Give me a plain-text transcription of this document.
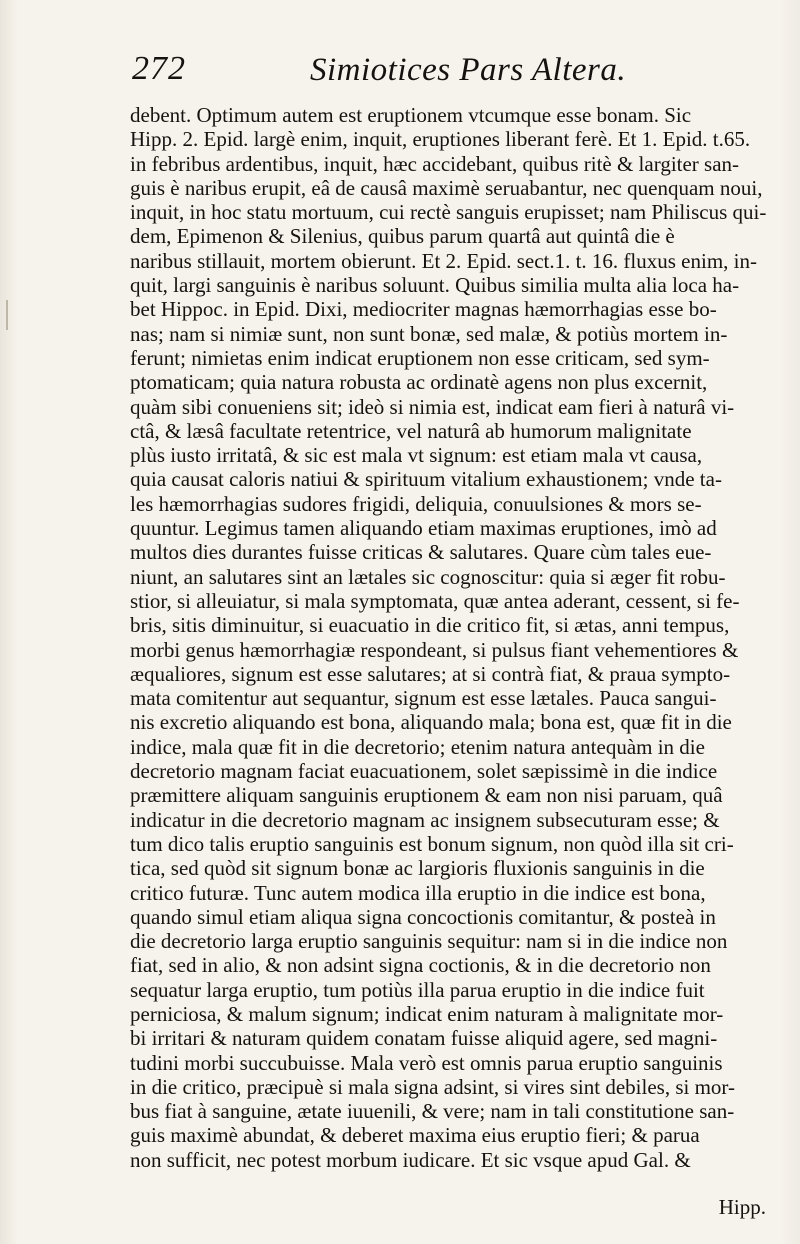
272	Simiotices Pars Altera.
debent. Optimum autem est eruptionem vtcumque esse bonam. Sic
Hipp. 2. Epid. largè enim, inquit, eruptiones liberant ferè. Et 1. Epid. t.65.
in febribus ardentibus, inquit, hæc accidebant, quibus ritè & largiter san-
guis è naribus erupit, eâ de causâ maximè seruabantur, nec quenquam noui,
inquit, in hoc statu mortuum, cui rectè sanguis erupisset; nam Philiscus qui-
dem, Epimenon & Silenius, quibus parum quartâ aut quintâ die è
naribus stillauit, mortem obierunt. Et 2. Epid. sect.1. t. 16. fluxus enim, in-
quit, largi sanguinis è naribus soluunt. Quibus similia multa alia loca ha-
bet Hippoc. in Epid. Dixi, mediocriter magnas hæmorrhagias esse bo-
nas; nam si nimiæ sunt, non sunt bonæ, sed malæ, & potiùs mortem in-
ferunt; nimietas enim indicat eruptionem non esse criticam, sed sym-
ptomaticam; quia natura robusta ac ordinatè agens non plus excernit,
quàm sibi conueniens sit; ideò si nimia est, indicat eam fieri à naturâ vi-
ctâ, & læsâ facultate retentrice, vel naturâ ab humorum malignitate
plùs iusto irritatâ, & sic est mala vt signum: est etiam mala vt causa,
quia causat caloris natiui & spirituum vitalium exhaustionem; vnde ta-
les hæmorrhagias sudores frigidi, deliquia, conuulsiones & mors se-
quuntur. Legimus tamen aliquando etiam maximas eruptiones, imò ad
multos dies durantes fuisse criticas & salutares. Quare cùm tales eue-
niunt, an salutares sint an lætales sic cognoscitur: quia si æger fit robu-
stior, si alleuiatur, si mala symptomata, quæ antea aderant, cessent, si fe-
bris, sitis diminuitur, si euacuatio in die critico fit, si ætas, anni tempus,
morbi genus hæmorrhagiæ respondeant, si pulsus fiant vehementiores &
æqualiores, signum est esse salutares; at si contrà fiat, & praua sympto-
mata comitentur aut sequantur, signum est esse lætales. Pauca sangui-
nis excretio aliquando est bona, aliquando mala; bona est, quæ fit in die
indice, mala quæ fit in die decretorio; etenim natura antequàm in die
decretorio magnam faciat euacuationem, solet sæpissimè in die indice
præmittere aliquam sanguinis eruptionem & eam non nisi paruam, quâ
indicatur in die decretorio magnam ac insignem subsecuturam esse; &
tum dico talis eruptio sanguinis est bonum signum, non quòd illa sit cri-
tica, sed quòd sit signum bonæ ac largioris fluxionis sanguinis in die
critico futuræ. Tunc autem modica illa eruptio in die indice est bona,
quando simul etiam aliqua signa concoctionis comitantur, & posteà in
die decretorio larga eruptio sanguinis sequitur: nam si in die indice non
fiat, sed in alio, & non adsint signa coctionis, & in die decretorio non
sequatur larga eruptio, tum potiùs illa parua eruptio in die indice fuit
perniciosa, & malum signum; indicat enim naturam à malignitate mor-
bi irritari & naturam quidem conatam fuisse aliquid agere, sed magni-
tudini morbi succubuisse. Mala verò est omnis parua eruptio sanguinis
in die critico, præcipuè si mala signa adsint, si vires sint debiles, si mor-
bus fiat à sanguine, ætate iuuenili, & vere; nam in tali constitutione san-
guis maximè abundat, & deberet maxima eius eruptio fieri; & parua
non sufficit, nec potest morbum iudicare. Et sic vsque apud Gal. &
Hipp.
